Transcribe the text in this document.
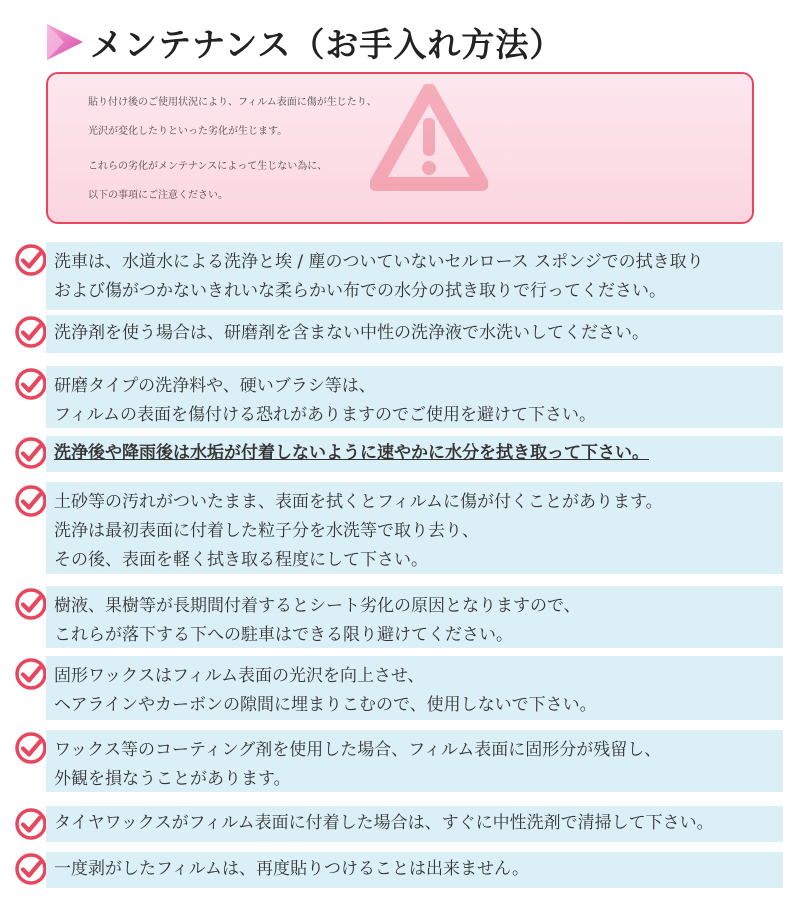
メンテナンス（お手入れ方法）
貼り付け後のご使用状況により、フィルム表面に傷が生じたり、
光沢が変化したりといった劣化が生じます。
これらの劣化がメンテナンスによって生じない為に、
以下の事項にご注意ください。
洗車は、水道水による洗浄と埃 / 塵のついていないセルロース スポンジでの拭き取り
および傷がつかないきれいな柔らかい布での水分の拭き取りで行ってください。
洗浄剤を使う場合は、研磨剤を含まない中性の洗浄液で水洗いしてください。
研磨タイプの洗浄料や、硬いブラシ等は、
フィルムの表面を傷付ける恐れがありますのでご使用を避けて下さい。
洗浄後や降雨後は水垢が付着しないように速やかに水分を拭き取って下さい。
土砂等の汚れがついたまま、表面を拭くとフィルムに傷が付くことがあります。
洗浄は最初表面に付着した粒子分を水洗等で取り去り、
その後、表面を軽く拭き取る程度にして下さい。
樹液、果樹等が長期間付着するとシート劣化の原因となりますので、
これらが落下する下への駐車はできる限り避けてください。
固形ワックスはフィルム表面の光沢を向上させ、
ヘアラインやカーボンの隙間に埋まりこむので、使用しないで下さい。
ワックス等のコーティング剤を使用した場合、フィルム表面に固形分が残留し、
外観を損なうことがあります。
タイヤワックスがフィルム表面に付着した場合は、すぐに中性洗剤で清掃して下さい。
一度剥がしたフィルムは、再度貼りつけることは出来ません。
